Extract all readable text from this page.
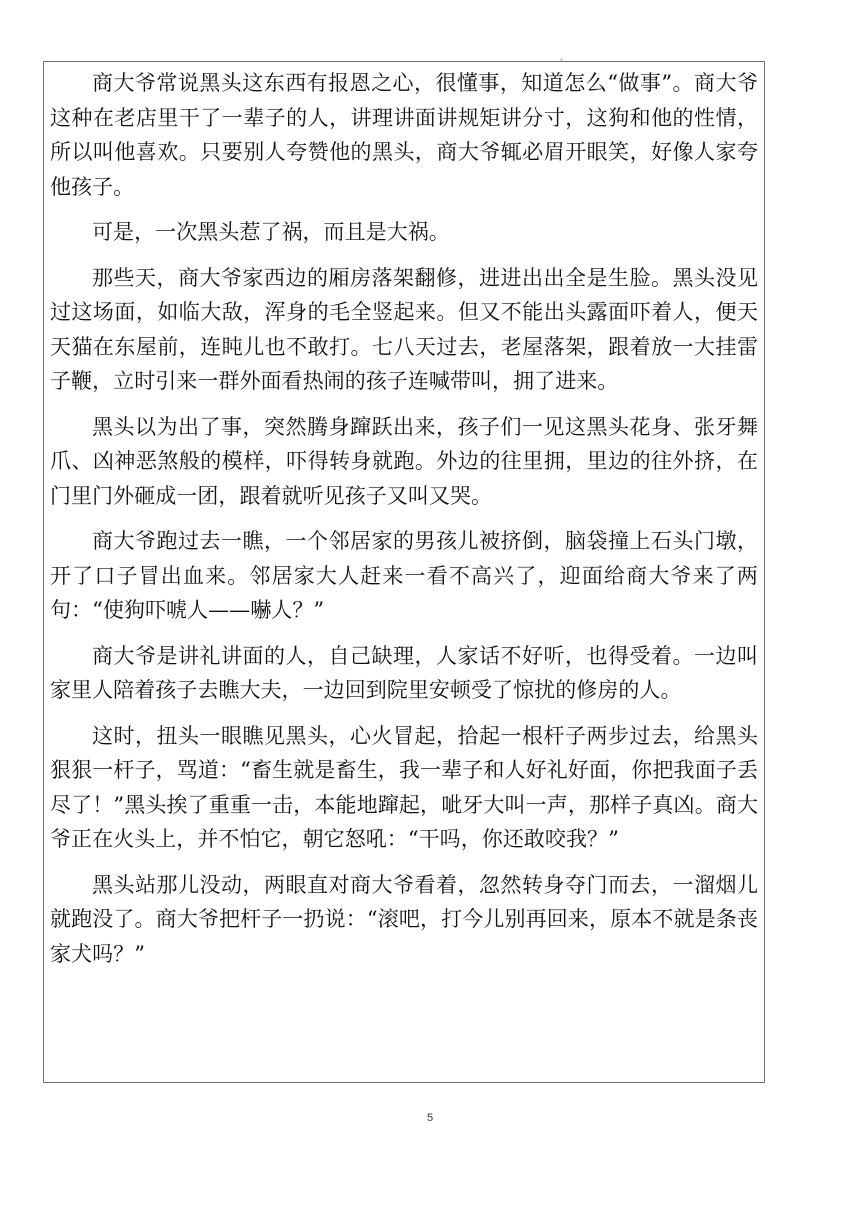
商大爷常说黑头这东西有报恩之心，很懂事，知道怎么“做事”。商大爷这种在老店里干了一辈子的人，讲理讲面讲规矩讲分寸，这狗和他的性情，所以叫他喜欢。只要别人夸赞他的黑头，商大爷辄必眉开眼笑，好像人家夸他孩子。

可是，一次黑头惹了祸，而且是大祸。

那些天，商大爷家西边的厢房落架翻修，进进出出全是生脸。黑头没见过这场面，如临大敌，浑身的毛全竖起来。但又不能出头露面吓着人，便天天猫在东屋前，连盹儿也不敢打。七八天过去，老屋落架，跟着放一大挂雷子鞭，立时引来一群外面看热闹的孩子连喊带叫，拥了进来。

黑头以为出了事，突然腾身蹿跃出来，孩子们一见这黑头花身、张牙舞爪、凶神恶煞般的模样，吓得转身就跑。外边的往里拥，里边的往外挤，在门里门外砸成一团，跟着就听见孩子又叫又哭。

商大爷跑过去一瞧，一个邻居家的男孩儿被挤倒，脑袋撞上石头门墩，开了口子冒出血来。邻居家大人赶来一看不高兴了，迎面给商大爷来了两句：“使狗吓唬人——嚇人？”

商大爷是讲礼讲面的人，自己缺理，人家话不好听，也得受着。一边叫家里人陪着孩子去瞧大夫，一边回到院里安顿受了惊扰的修房的人。

这时，扭头一眼瞧见黑头，心火冒起，拾起一根杆子两步过去，给黑头狠狠一杆子，骂道：“畜生就是畜生，我一辈子和人好礼好面，你把我面子丢尽了！”黑头挨了重重一击，本能地蹿起，呲牙大叫一声，那样子真凶。商大爷正在火头上，并不怕它，朝它怒吼：“干吗，你还敢咬我？”

黑头站那儿没动，两眼直对商大爷看着，忽然转身夺门而去，一溜烟儿就跑没了。商大爷把杆子一扔说：“滚吧，打今儿别再回来，原本不就是条丧家犬吗？”

5
